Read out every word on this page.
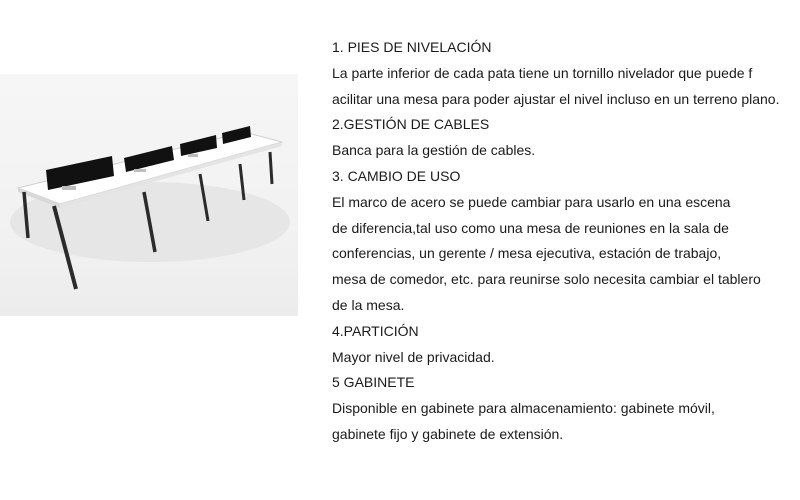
1. PIES DE NIVELACIÓN
La parte inferior de cada pata tiene un tornillo nivelador que puede f
acilitar una mesa para poder ajustar el nivel incluso en un terreno plano.
2.GESTIÓN DE CABLES
Banca para la gestión de cables.
3. CAMBIO DE USO
El marco de acero se puede cambiar para usarlo en una escena
de diferencia,tal uso como una mesa de reuniones en la sala de
conferencias, un gerente / mesa ejecutiva, estación de trabajo,
mesa de comedor, etc. para reunirse solo necesita cambiar el tablero
de la mesa.
4.PARTICIÓN
Mayor nivel de privacidad.
5 GABINETE
Disponible en gabinete para almacenamiento: gabinete móvil,
gabinete fijo y gabinete de extensión.
